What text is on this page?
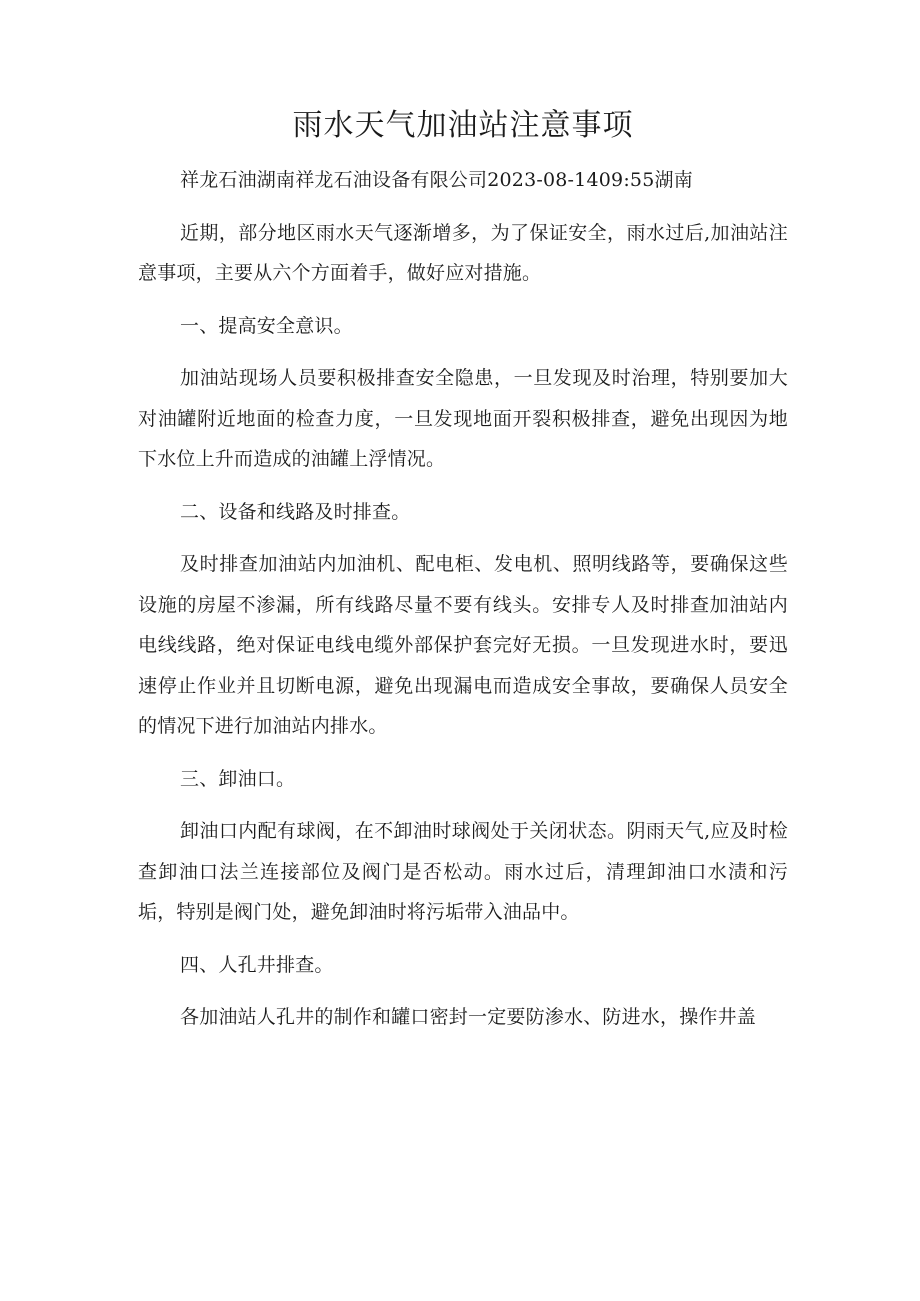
雨水天气加油站注意事项

祥龙石油湖南祥龙石油设备有限公司2023-08-1409:55湖南

近期，部分地区雨水天气逐渐增多，为了保证安全，雨水过后,加油站注意事项，主要从六个方面着手，做好应对措施。

一、提高安全意识。

加油站现场人员要积极排查安全隐患，一旦发现及时治理，特别要加大对油罐附近地面的检查力度，一旦发现地面开裂积极排查，避免出现因为地下水位上升而造成的油罐上浮情况。

二、设备和线路及时排查。

及时排查加油站内加油机、配电柜、发电机、照明线路等，要确保这些设施的房屋不渗漏，所有线路尽量不要有线头。安排专人及时排查加油站内电线线路，绝对保证电线电缆外部保护套完好无损。一旦发现进水时，要迅速停止作业并且切断电源，避免出现漏电而造成安全事故，要确保人员安全的情况下进行加油站内排水。

三、卸油口。

卸油口内配有球阀，在不卸油时球阀处于关闭状态。阴雨天气,应及时检查卸油口法兰连接部位及阀门是否松动。雨水过后，清理卸油口水渍和污垢，特别是阀门处，避免卸油时将污垢带入油品中。

四、人孔井排查。

各加油站人孔井的制作和罐口密封一定要防渗水、防进水，操作井盖
